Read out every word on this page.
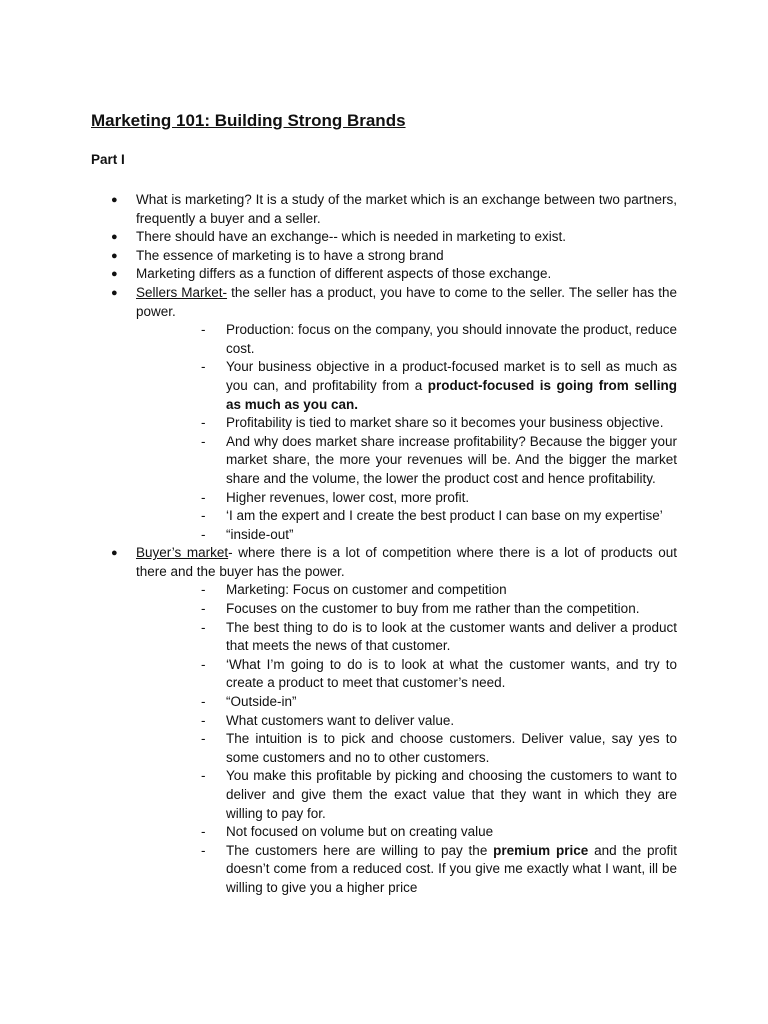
Marketing 101: Building Strong Brands
Part I
●	What is marketing? It is a study of the market which is an exchange between two partners, frequently a buyer and a seller.
●	There should have an exchange-- which is needed in marketing to exist.
●	The essence of marketing is to have a strong brand
●	Marketing differs as a function of different aspects of those exchange.
●	Sellers Market- the seller has a product, you have to come to the seller. The seller has the power.
- Production: focus on the company, you should innovate the product, reduce cost.
- Your business objective in a product-focused market is to sell as much as you can, and profitability from a product-focused is going from selling as much as you can.
- Profitability is tied to market share so it becomes your business objective.
- And why does market share increase profitability? Because the bigger your market share, the more your revenues will be. And the bigger the market share and the volume, the lower the product cost and hence profitability.
- Higher revenues, lower cost, more profit.
- ‘I am the expert and I create the best product I can base on my expertise’
- “inside-out”
●	Buyer’s market- where there is a lot of competition where there is a lot of products out there and the buyer has the power.
- Marketing: Focus on customer and competition
- Focuses on the customer to buy from me rather than the competition.
- The best thing to do is to look at the customer wants and deliver a product that meets the news of that customer.
- ‘What I’m going to do is to look at what the customer wants, and try to create a product to meet that customer’s need.
- “Outside-in”
- What customers want to deliver value.
- The intuition is to pick and choose customers. Deliver value, say yes to some customers and no to other customers.
- You make this profitable by picking and choosing the customers to want to deliver and give them the exact value that they want in which they are willing to pay for.
- Not focused on volume but on creating value
- The customers here are willing to pay the premium price and the profit doesn’t come from a reduced cost. If you give me exactly what I want, ill be willing to give you a higher price
